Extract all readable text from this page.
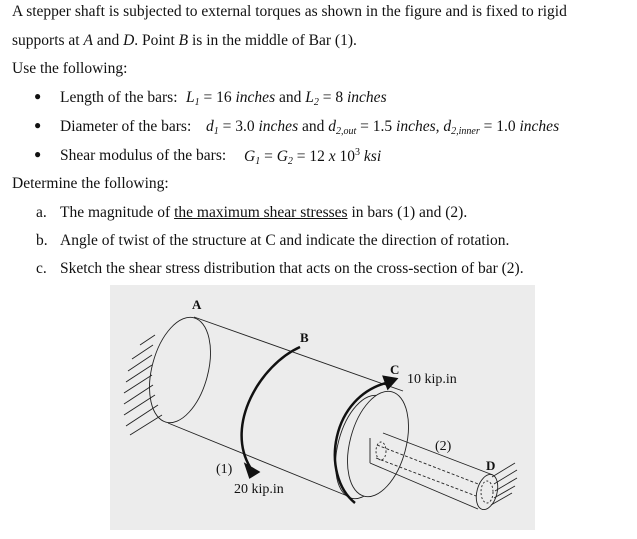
A stepper shaft is subjected to external torques as shown in the figure and is fixed to rigid
supports at A and D. Point B is in the middle of Bar (1).
Use the following:
● Length of the bars: $L_1 = 16$ inches and $L_2 = 8$ inches
● Diameter of the bars: $d_1 = 3.0$ inches and $d_{2,out} = 1.5$ inches, $d_{2,inner} = 1.0$ inches
● Shear modulus of the bars: $G_1 = G_2 = 12$ x $10^3$ ksi
Determine the following:
a. The magnitude of the maximum shear stresses in bars (1) and (2).
b. Angle of twist of the structure at C and indicate the direction of rotation.
c. Sketch the shear stress distribution that acts on the cross-section of bar (2).
A
B
C
10 kip.in
(2)
D
(1)
20 kip.in
